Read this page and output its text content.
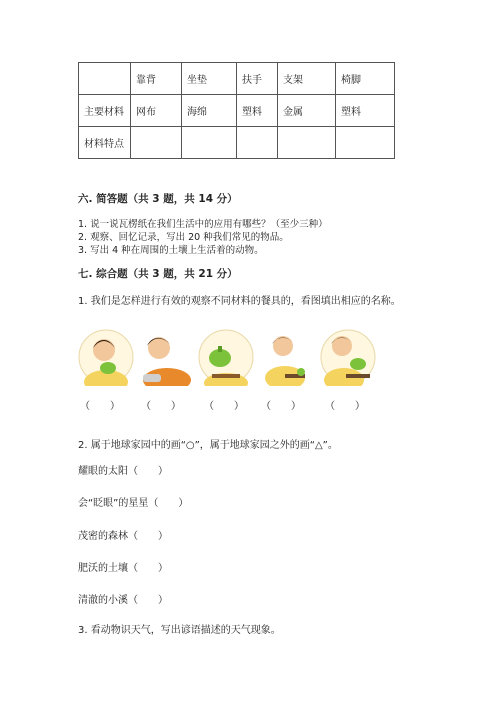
	靠背	坐垫	扶手	支架	椅脚
主要材料	网布	海绵	塑料	金属	塑料
材料特点					
六. 简答题（共 3 题，共 14 分）
1. 说一说瓦楞纸在我们生活中的应用有哪些？（至少三种）
2. 观察、回忆记录，写出 20 种我们常见的物品。
3. 写出 4 种在周围的土壤上生活着的动物。
七. 综合题（共 3 题，共 21 分）
1. 我们是怎样进行有效的观察不同材料的餐具的，看图填出相应的名称。
（　　） （　　） （　　） （　　） （　　）
2. 属于地球家园中的画“○”，属于地球家园之外的画“△”。
耀眼的太阳（　　）
会“眨眼”的星星（　　）
茂密的森林（　　）
肥沃的土壤（　　）
清澈的小溪（　　）
3. 看动物识天气，写出谚语描述的天气现象。
